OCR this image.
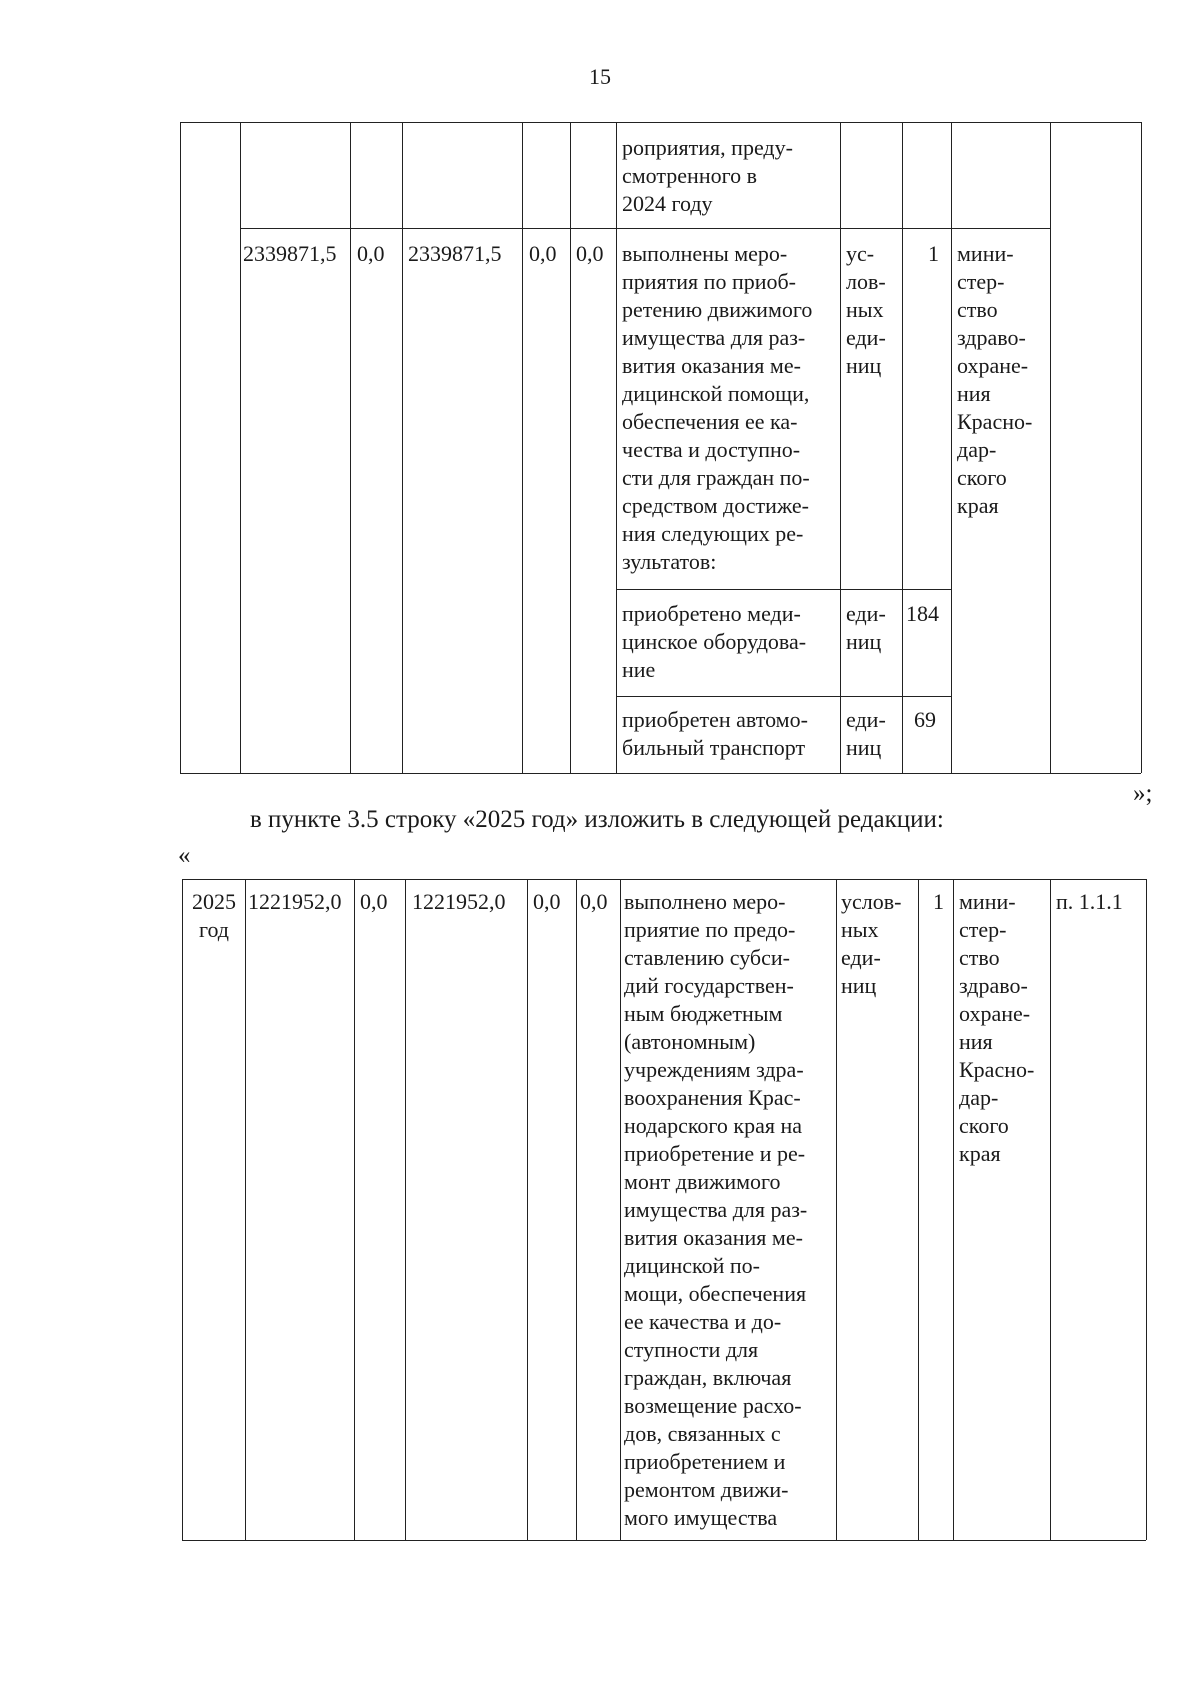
15
роприятия, преду-
смотренного в
2024 году
2339871,5 0,0 2339871,5 0,0 0,0 выполнены меро-
приятия по приоб-
ретению движимого
имущества для раз-
вития оказания ме-
дицинской помощи,
обеспечения ее ка-
чества и доступно-
сти для граждан по-
средством достиже-
ния следующих ре-
зультатов:
ус-
лов-
ных
еди-
ниц
1 мини-
стер-
ство
здраво-
охране-
ния
Красно-
дар-
ского
края
приобретено меди-
цинское оборудова-
ние
еди-
ниц
184
приобретен автомо-
бильный транспорт
еди-
ниц
69
»;
в пункте 3.5 строку «2025 год» изложить в следующей редакции:
«
2025
год
1221952,0 0,0 1221952,0 0,0 0,0 выполнено меро-
приятие по предо-
ставлению субси-
дий государствен-
ным бюджетным
(автономным)
учреждениям здра-
воохранения Крас-
нодарского края на
приобретение и ре-
монт движимого
имущества для раз-
вития оказания ме-
дицинской по-
мощи, обеспечения
ее качества и до-
ступности для
граждан, включая
возмещение расхо-
дов, связанных с
приобретением и
ремонтом движи-
мого имущества
услов-
ных
еди-
ниц
1 мини-
стер-
ство
здраво-
охране-
ния
Красно-
дар-
ского
края
п. 1.1.1
